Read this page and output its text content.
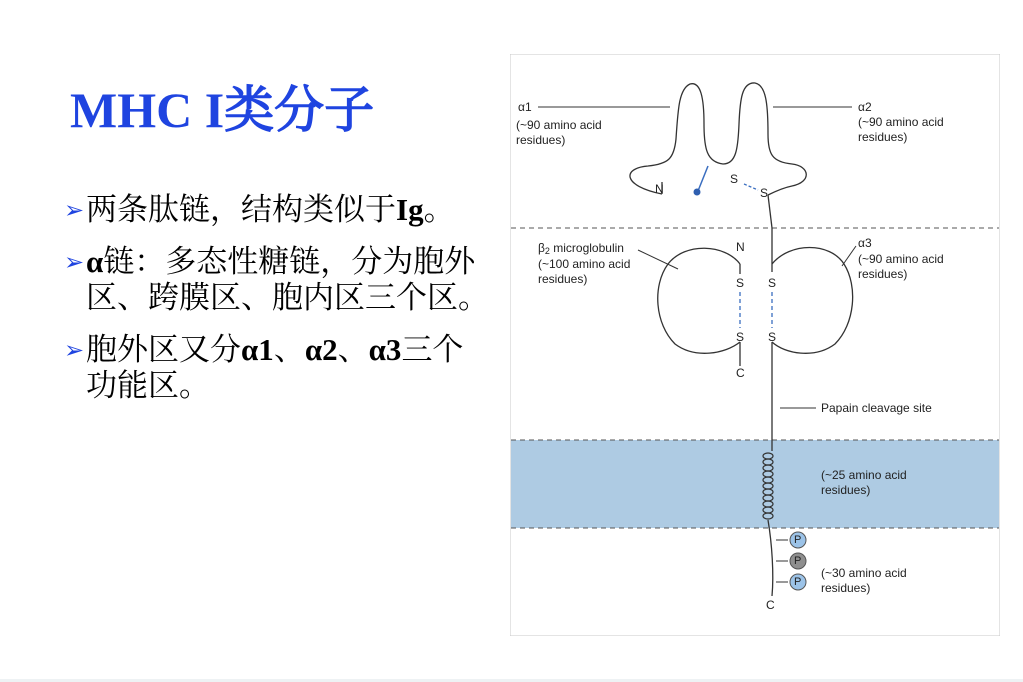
MHC I类分子
➢ 两条肽链，结构类似于Ig。
➢ α链：多态性糖链，分为胞外区、跨膜区、胞内区三个区。
➢ 胞外区又分α1、α2、α3三个功能区。
α1
(~90 amino acid residues)
α2
(~90 amino acid residues)
N
S
S
$\beta_2$ microglobulin
(~100 amino acid residues)
α3
(~90 amino acid residues)
N
S S
S S
C
Papain cleavage site
(~25 amino acid residues)
(~30 amino acid residues)
P
P
P
C
